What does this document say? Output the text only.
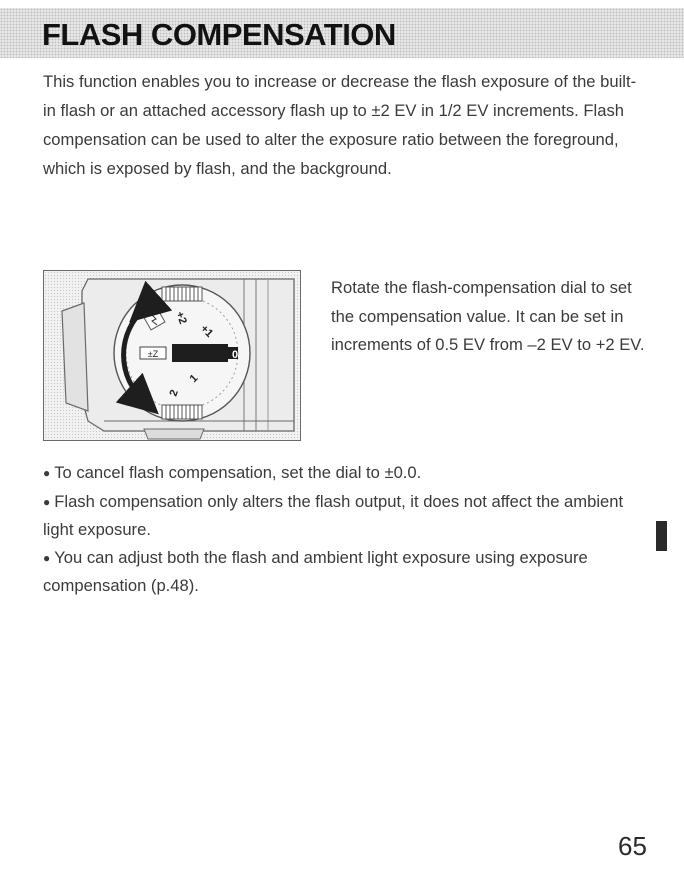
FLASH COMPENSATION

This function enables you to increase or decrease the flash exposure of the built-in flash or an attached accessory flash up to ±2 EV in 1/2 EV increments. Flash compensation can be used to alter the exposure ratio between the foreground, which is exposed by flash, and the background.

±Z
+2
+1
0
1
2

Rotate the flash-compensation dial to set the compensation value. It can be set in increments of 0.5 EV from –2 EV to +2 EV.

● To cancel flash compensation, set the dial to ±0.0.
● Flash compensation only alters the flash output, it does not affect the ambient light exposure.
● You can adjust both the flash and ambient light exposure using exposure compensation (p.48).

65
